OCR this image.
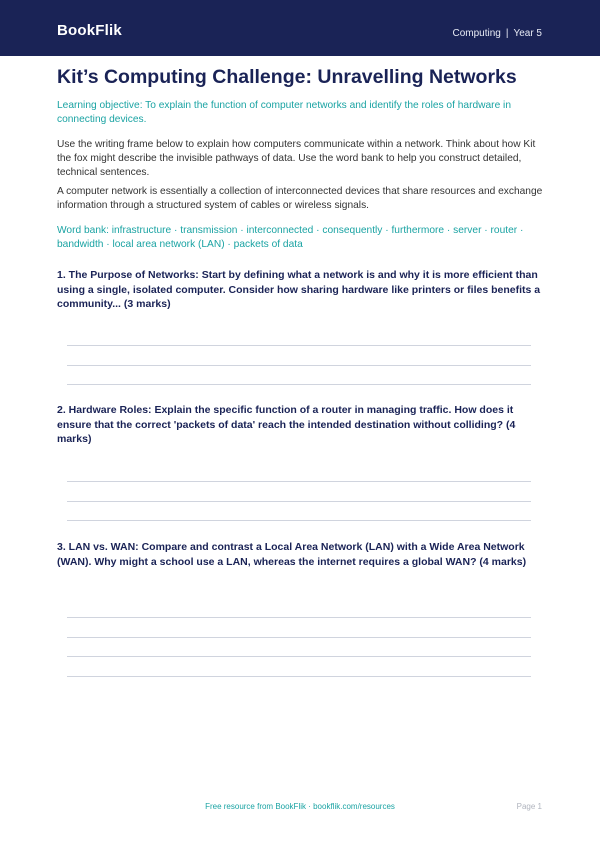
BookFlik	Computing | Year 5
Kit’s Computing Challenge: Unravelling Networks

Learning objective: To explain the function of computer networks and identify the roles of hardware in connecting devices.

Use the writing frame below to explain how computers communicate within a network. Think about how Kit the fox might describe the invisible pathways of data. Use the word bank to help you construct detailed, technical sentences.

A computer network is essentially a collection of interconnected devices that share resources and exchange information through a structured system of cables or wireless signals.

Word bank: infrastructure · transmission · interconnected · consequently · furthermore · server · router · bandwidth · local area network (LAN) · packets of data

1. The Purpose of Networks: Start by defining what a network is and why it is more efficient than using a single, isolated computer. Consider how sharing hardware like printers or files benefits a community... (3 marks)

2. Hardware Roles: Explain the specific function of a router in managing traffic. How does it ensure that the correct 'packets of data' reach the intended destination without colliding? (4 marks)

3. LAN vs. WAN: Compare and contrast a Local Area Network (LAN) with a Wide Area Network (WAN). Why might a school use a LAN, whereas the internet requires a global WAN? (4 marks)

Free resource from BookFlik · bookflik.com/resources	Page 1
